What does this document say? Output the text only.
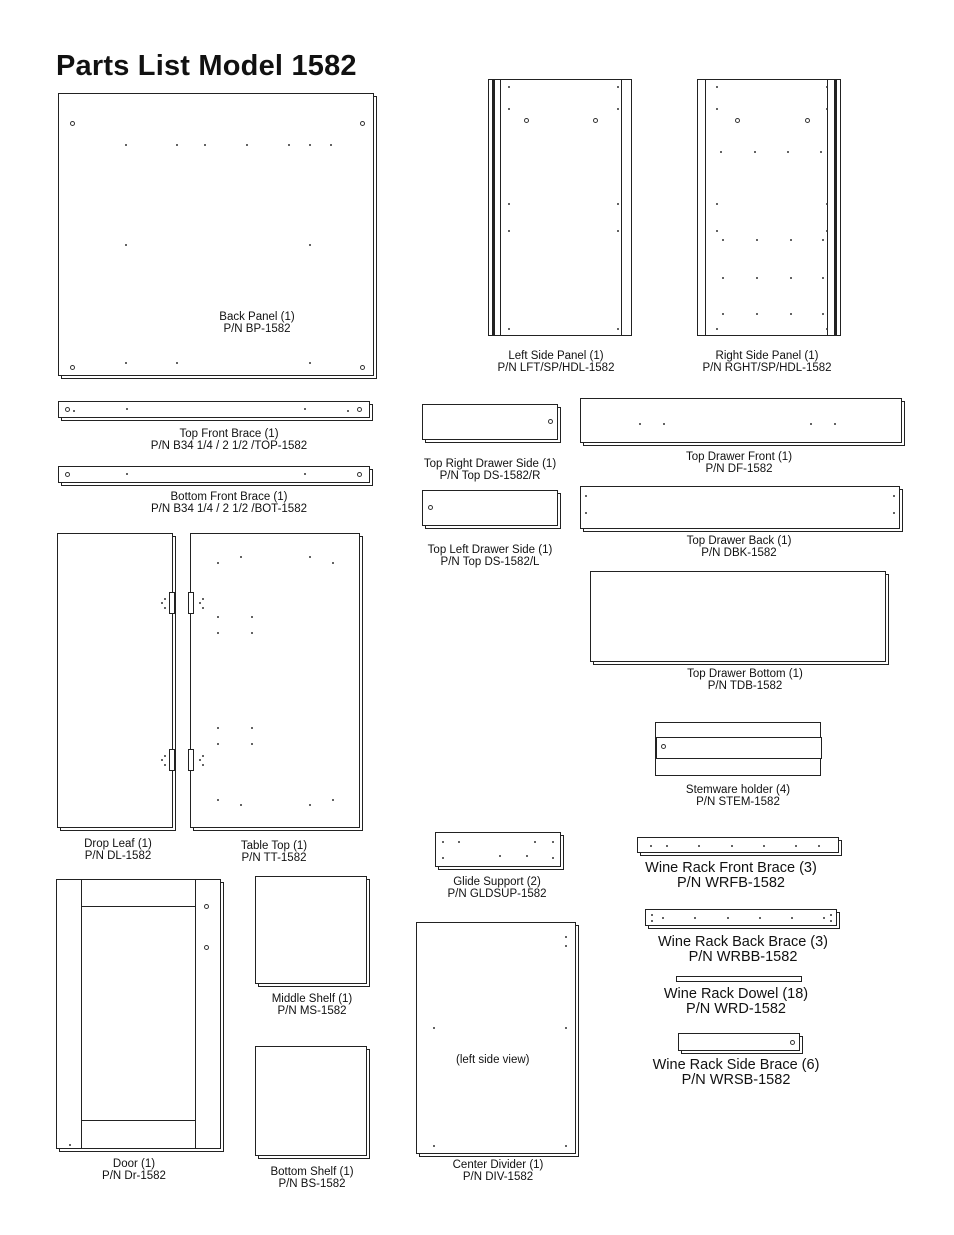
Parts List Model 1582
Back Panel (1)
P/N BP-1582
Left Side Panel (1)
P/N LFT/SP/HDL-1582
Right Side Panel (1)
P/N RGHT/SP/HDL-1582
Top Front Brace (1)
P/N B34 1/4 / 2 1/2 /TOP-1582
Bottom Front Brace (1)
P/N B34 1/4 / 2 1/2 /BOT-1582
Top Right Drawer Side (1)
P/N Top DS-1582/R
Top Left Drawer Side (1)
P/N Top DS-1582/L
Top Drawer Front (1)
P/N DF-1582
Top Drawer Back (1)
P/N DBK-1582
Top Drawer Bottom (1)
P/N TDB-1582
Drop Leaf (1)
P/N DL-1582
Table Top (1)
P/N TT-1582
Stemware holder (4)
P/N STEM-1582
Glide Support (2)
P/N GLDSUP-1582
Wine Rack Front Brace (3)
P/N WRFB-1582
Wine Rack Back Brace (3)
P/N WRBB-1582
Wine Rack Dowel (18)
P/N WRD-1582
Wine Rack Side Brace (6)
P/N WRSB-1582
Door (1)
P/N Dr-1582
Middle Shelf (1)
P/N MS-1582
Bottom Shelf (1)
P/N BS-1582
(left side view)
Center Divider (1)
P/N DIV-1582
